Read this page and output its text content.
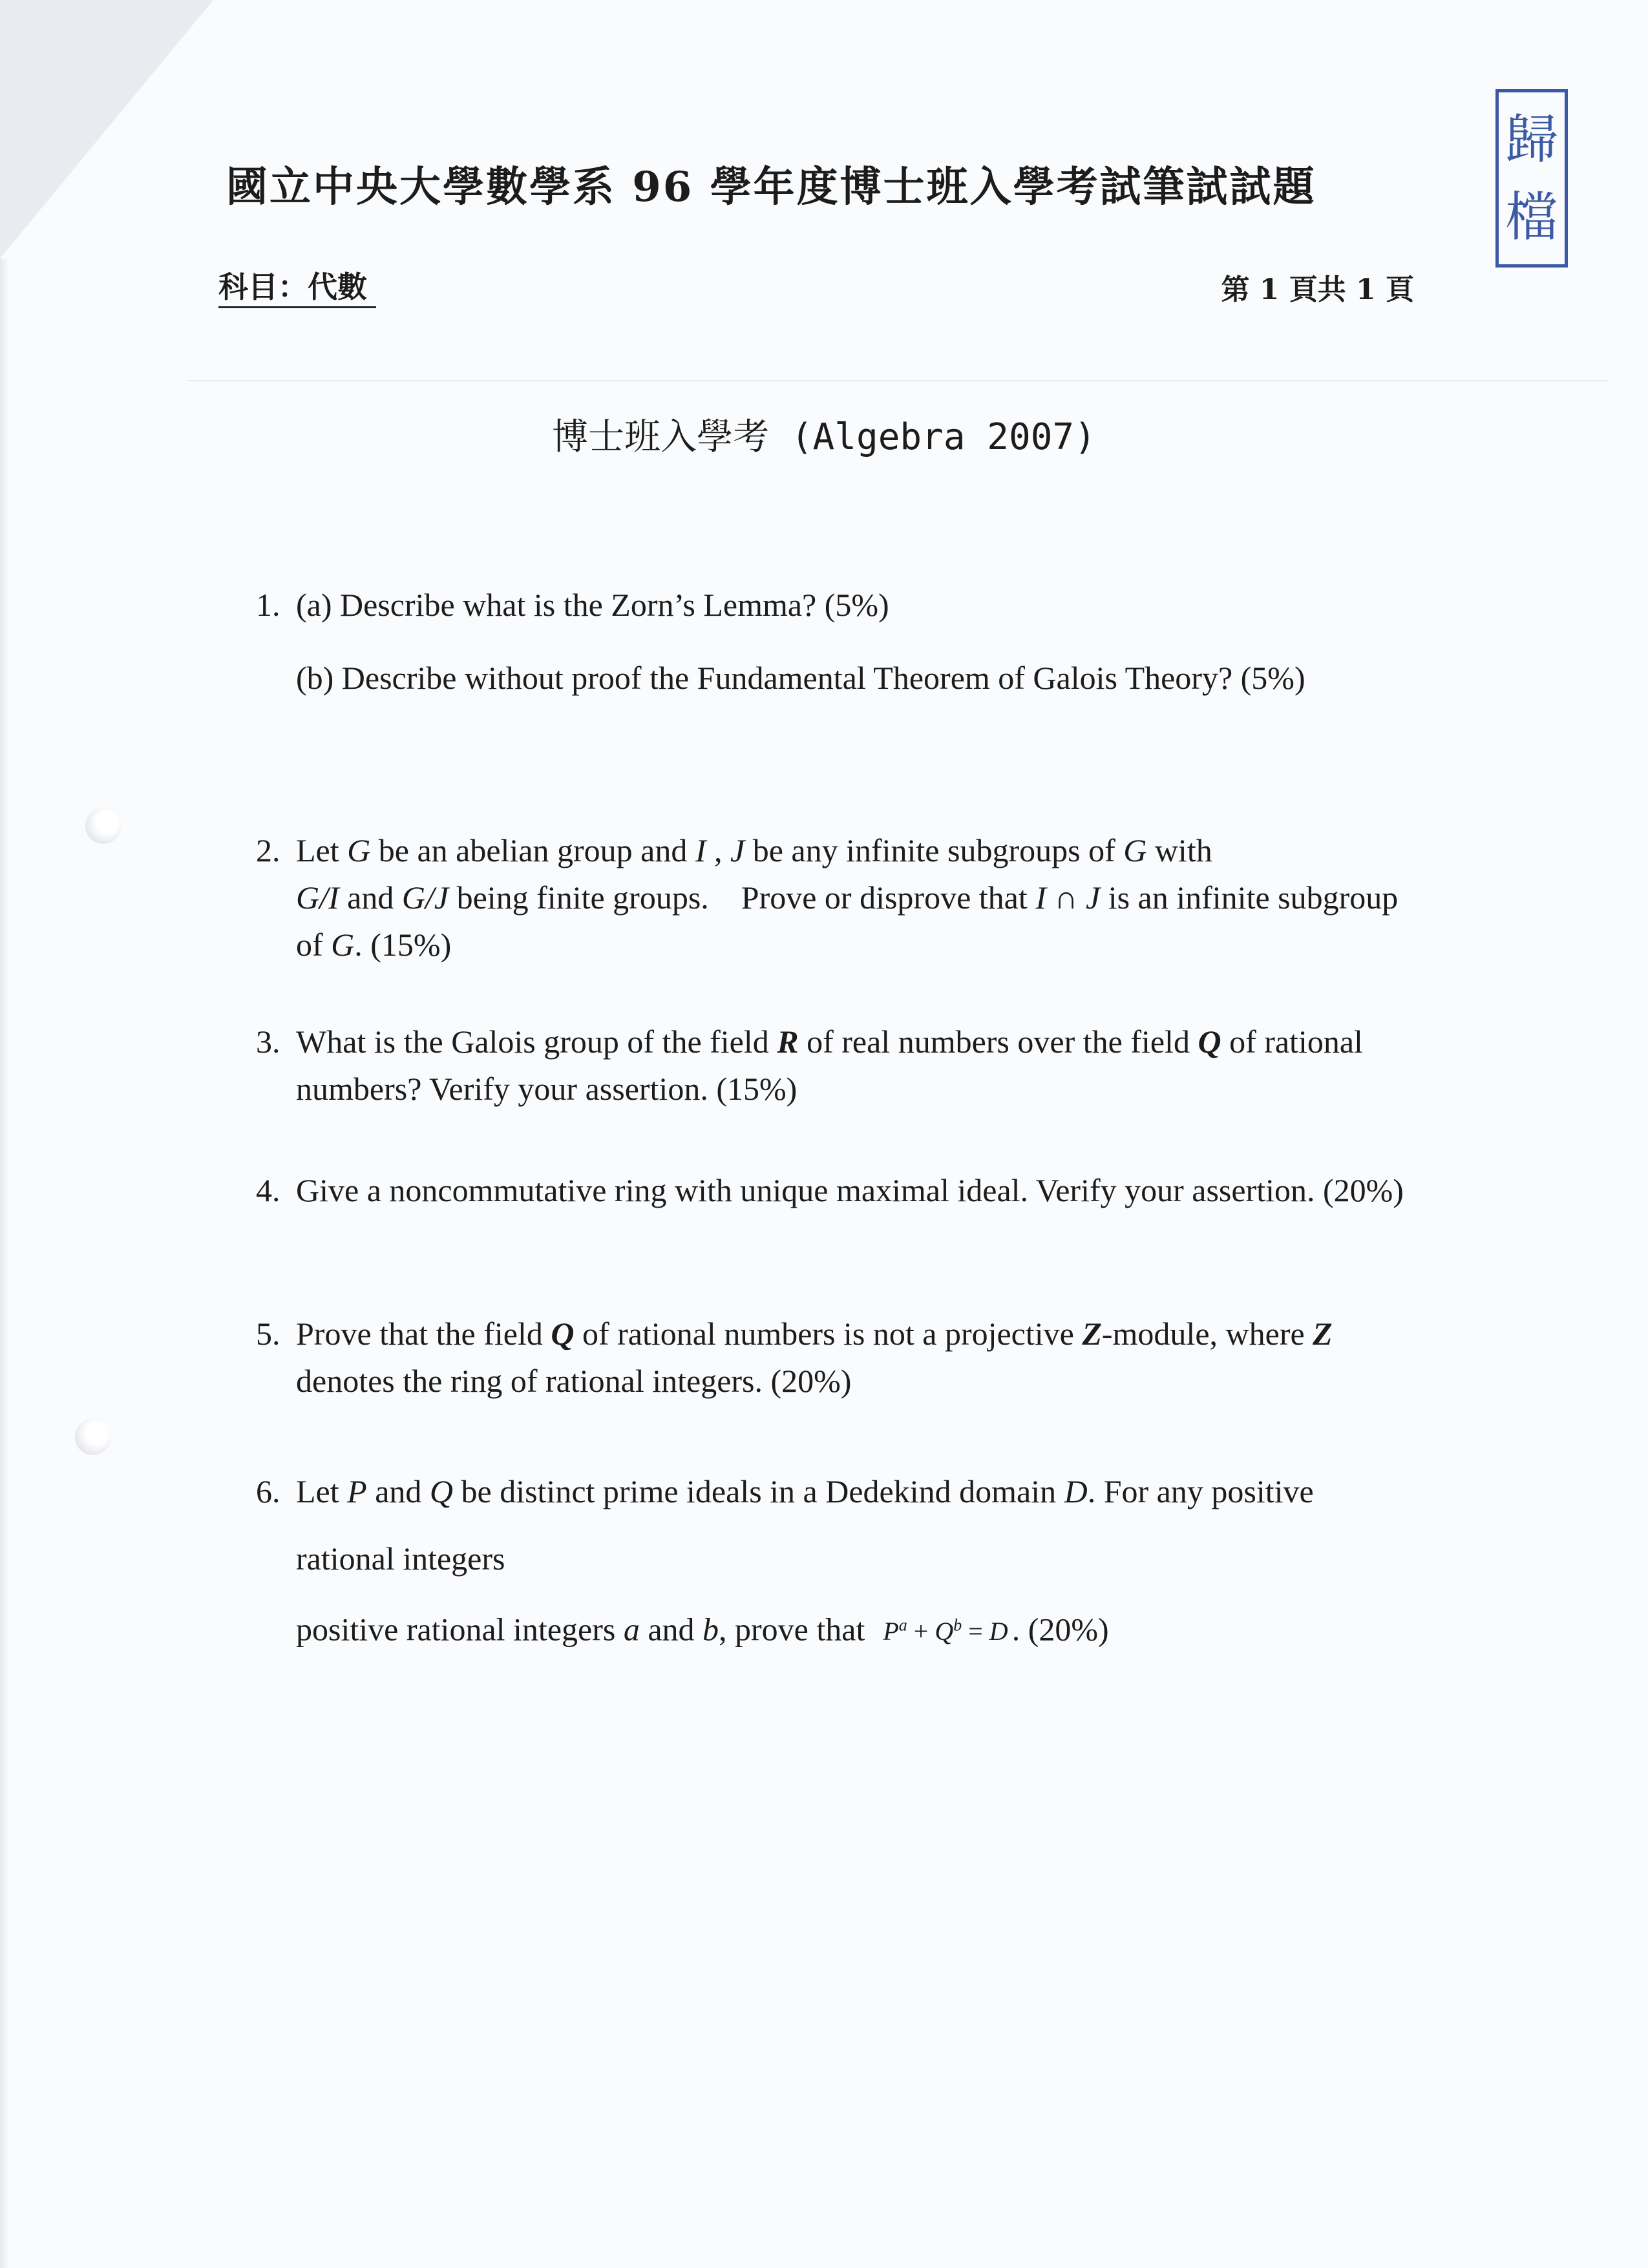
歸
檔
國立中央大學數學系 96 學年度博士班入學考試筆試試題
科目：代數	第 1 頁共 1 頁
博士班入學考 (Algebra 2007)
1. (a) Describe what is the Zorn’s Lemma? (5%)
(b) Describe without proof the Fundamental Theorem of Galois Theory? (5%)
2. Let G be an abelian group and I , J be any infinite subgroups of G with
G/I and G/J being finite groups.    Prove or disprove that I ∩ J is an infinite subgroup of G. (15%)
3. What is the Galois group of the field R of real numbers over the field Q of rational numbers? Verify your assertion. (15%)
4. Give a noncommutative ring with unique maximal ideal. Verify your assertion. (20%)
5. Prove that the field Q of rational numbers is not a projective Z-module, where Z denotes the ring of rational integers. (20%)
6. Let P and Q be distinct prime ideals in a Dedekind domain D. For any positive rational integers
positive rational integers a and b, prove that $P^a + Q^b = D$ . (20%)
